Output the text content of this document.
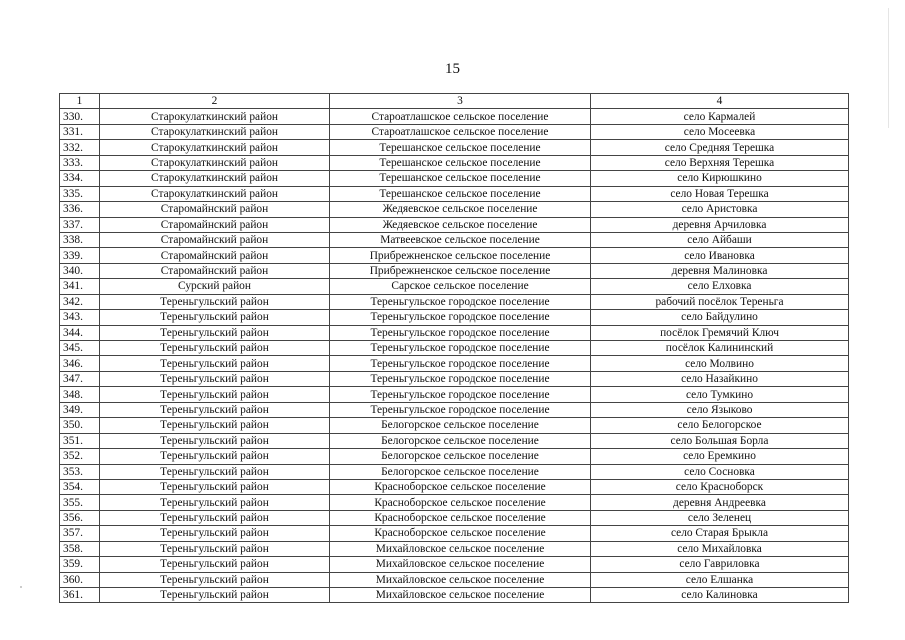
15
1	2	3	4
330.	Старокулаткинский район	Староатлашское сельское поселение	село Кармалей
331.	Старокулаткинский район	Староатлашское сельское поселение	село Мосеевка
332.	Старокулаткинский район	Терешанское сельское поселение	село Средняя Терешка
333.	Старокулаткинский район	Терешанское сельское поселение	село Верхняя Терешка
334.	Старокулаткинский район	Терешанское сельское поселение	село Кирюшкино
335.	Старокулаткинский район	Терешанское сельское поселение	село Новая Терешка
336.	Старомайнский район	Жедяевское сельское поселение	село Аристовка
337.	Старомайнский район	Жедяевское сельское поселение	деревня Арчиловка
338.	Старомайнский район	Матвеевское сельское поселение	село Айбаши
339.	Старомайнский район	Прибрежненское сельское поселение	село Ивановка
340.	Старомайнский район	Прибрежненское сельское поселение	деревня Малиновка
341.	Сурский район	Сарское сельское поселение	село Елховка
342.	Тереньгульский район	Тереньгульское городское поселение	рабочий посёлок Тереньга
343.	Тереньгульский район	Тереньгульское городское поселение	село Байдулино
344.	Тереньгульский район	Тереньгульское городское поселение	посёлок Гремячий Ключ
345.	Тереньгульский район	Тереньгульское городское поселение	посёлок Калининский
346.	Тереньгульский район	Тереньгульское городское поселение	село Молвино
347.	Тереньгульский район	Тереньгульское городское поселение	село Назайкино
348.	Тереньгульский район	Тереньгульское городское поселение	село Тумкино
349.	Тереньгульский район	Тереньгульское городское поселение	село Языково
350.	Тереньгульский район	Белогорское сельское поселение	село Белогорское
351.	Тереньгульский район	Белогорское сельское поселение	село Большая Борла
352.	Тереньгульский район	Белогорское сельское поселение	село Еремкино
353.	Тереньгульский район	Белогорское сельское поселение	село Сосновка
354.	Тереньгульский район	Красноборское сельское поселение	село Красноборск
355.	Тереньгульский район	Красноборское сельское поселение	деревня Андреевка
356.	Тереньгульский район	Красноборское сельское поселение	село Зеленец
357.	Тереньгульский район	Красноборское сельское поселение	село Старая Брыкла
358.	Тереньгульский район	Михайловское сельское поселение	село Михайловка
359.	Тереньгульский район	Михайловское сельское поселение	село Гавриловка
360.	Тереньгульский район	Михайловское сельское поселение	село Елшанка
361.	Тереньгульский район	Михайловское сельское поселение	село Калиновка
